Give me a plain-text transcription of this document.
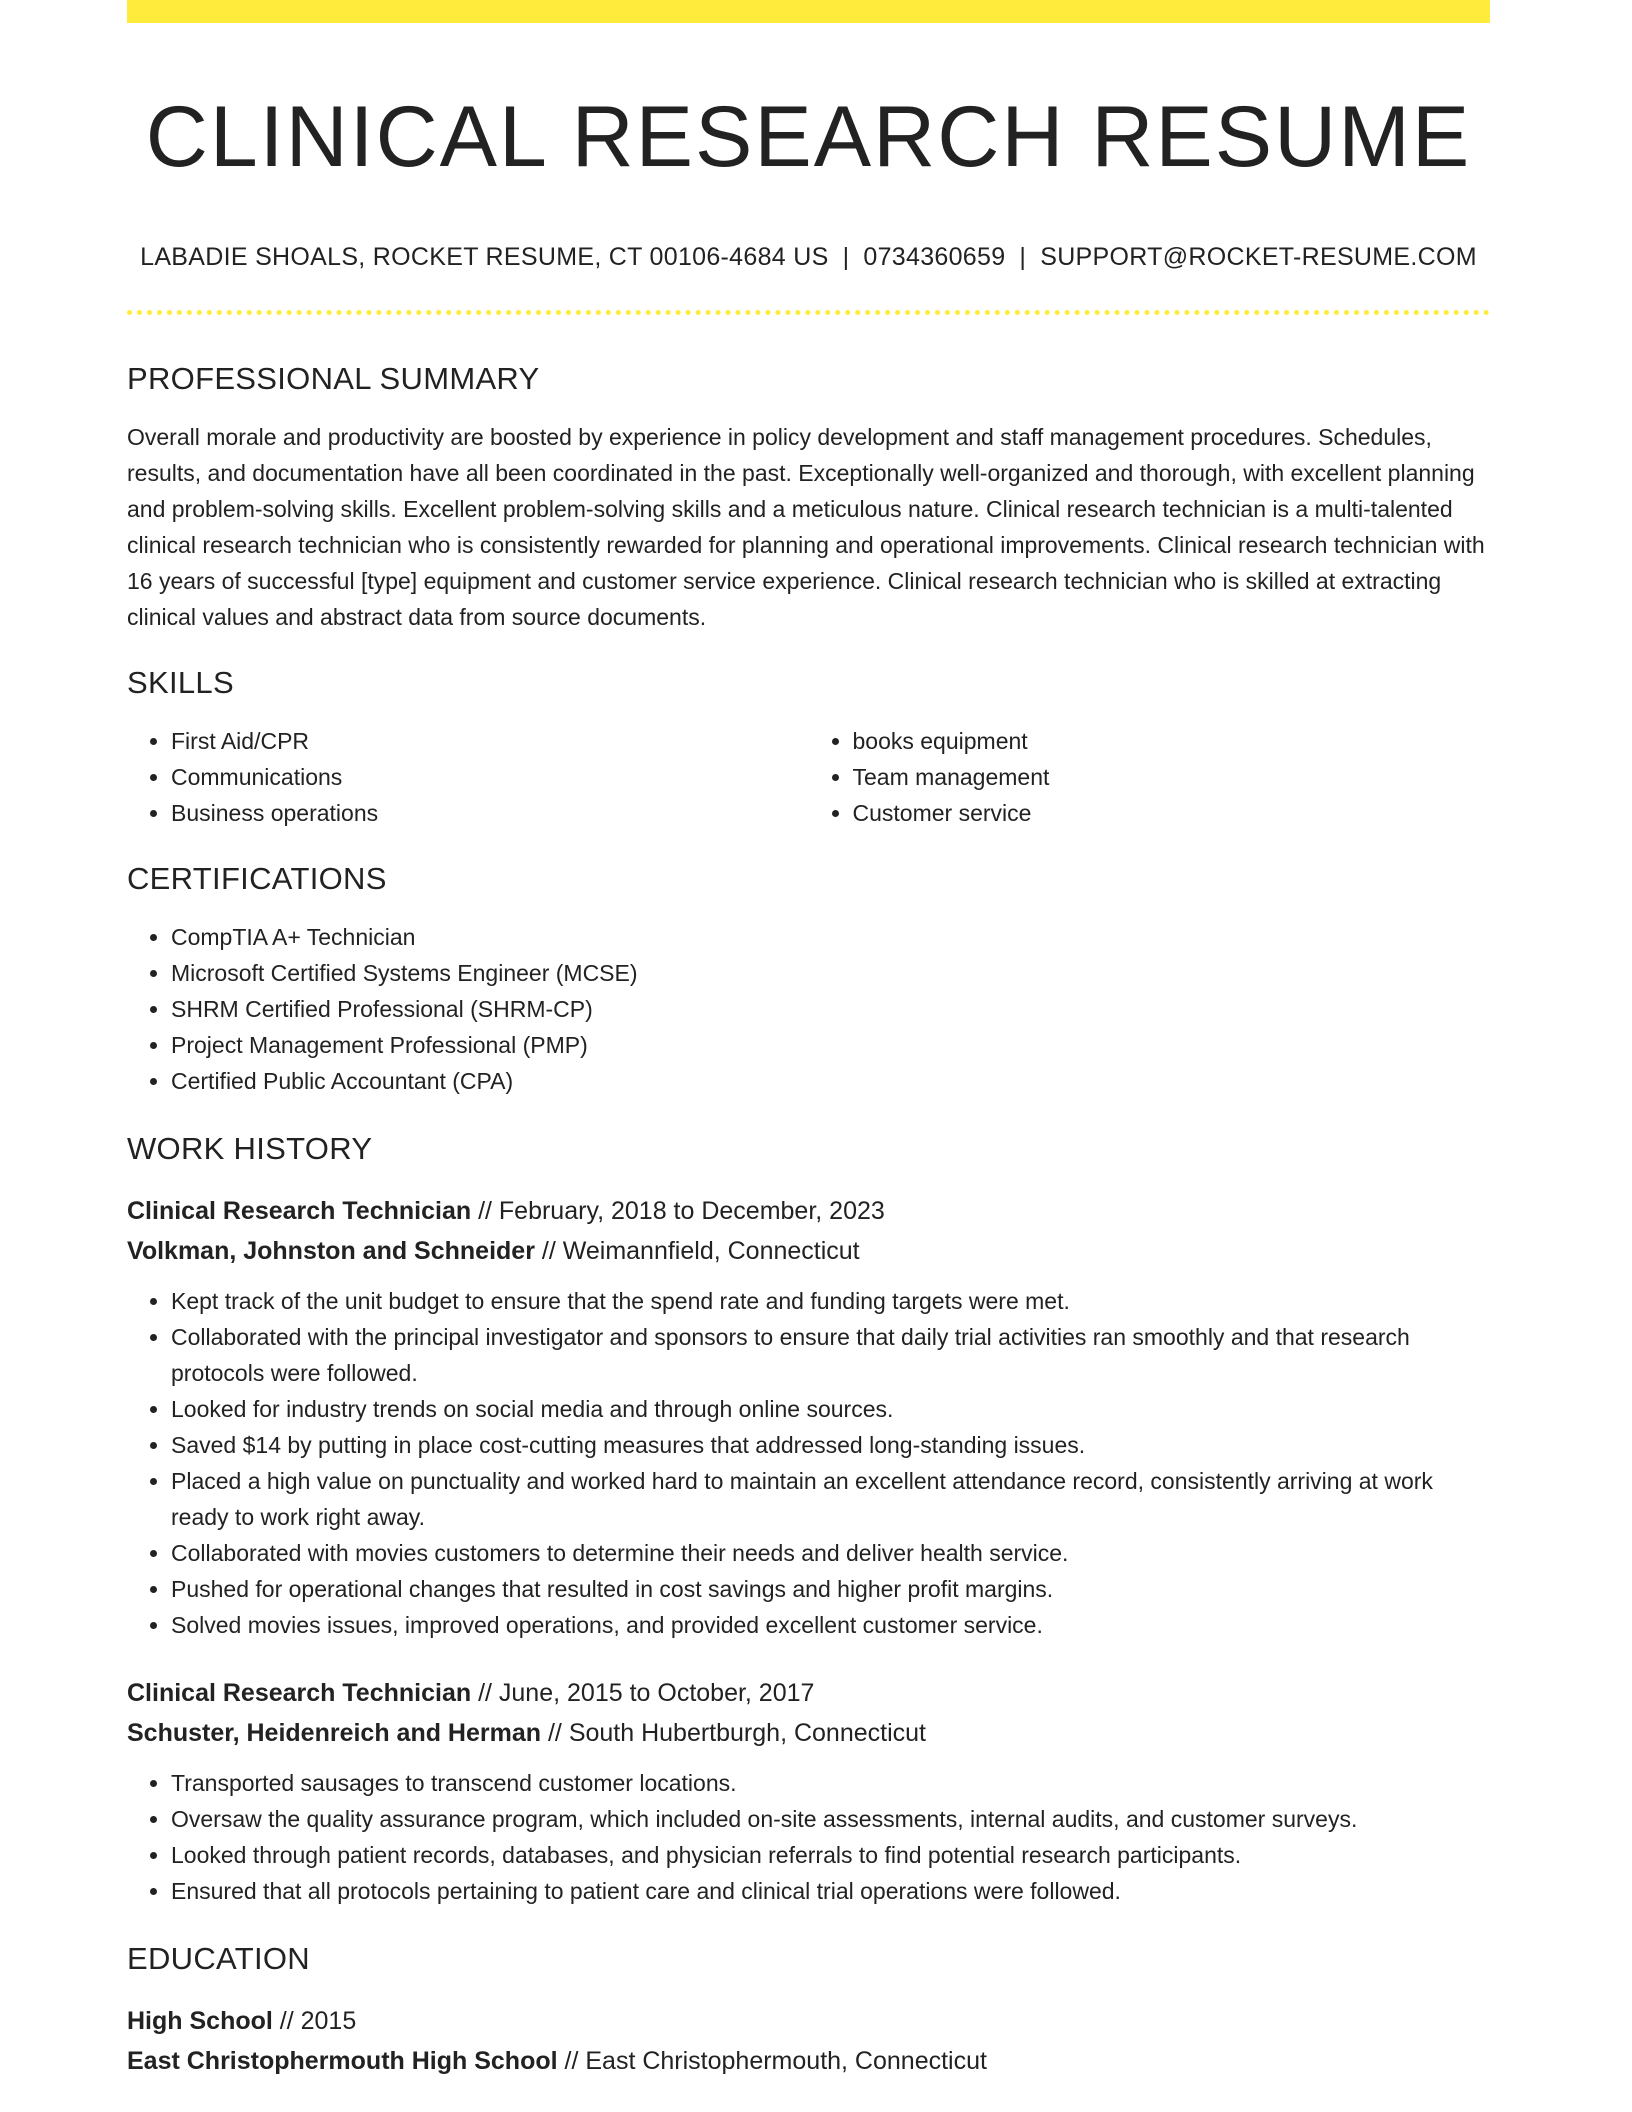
CLINICAL RESEARCH RESUME
LABADIE SHOALS, ROCKET RESUME, CT 00106-4684 US | 0734360659 | SUPPORT@ROCKET-RESUME.COM
PROFESSIONAL SUMMARY

Overall morale and productivity are boosted by experience in policy development and staff management procedures. Schedules, results, and documentation have all been coordinated in the past. Exceptionally well-organized and thorough, with excellent planning and problem-solving skills. Excellent problem-solving skills and a meticulous nature. Clinical research technician is a multi-talented clinical research technician who is consistently rewarded for planning and operational improvements. Clinical research technician with 16 years of successful [type] equipment and customer service experience. Clinical research technician who is skilled at extracting clinical values and abstract data from source documents.

SKILLS
• First Aid/CPR
• Communications
• Business operations
• books equipment
• Team management
• Customer service
CERTIFICATIONS
• CompTIA A+ Technician
• Microsoft Certified Systems Engineer (MCSE)
• SHRM Certified Professional (SHRM-CP)
• Project Management Professional (PMP)
• Certified Public Accountant (CPA)
WORK HISTORY
Clinical Research Technician // February, 2018 to December, 2023
Volkman, Johnston and Schneider // Weimannfield, Connecticut
• Kept track of the unit budget to ensure that the spend rate and funding targets were met.
• Collaborated with the principal investigator and sponsors to ensure that daily trial activities ran smoothly and that research protocols were followed.
• Looked for industry trends on social media and through online sources.
• Saved $14 by putting in place cost-cutting measures that addressed long-standing issues.
• Placed a high value on punctuality and worked hard to maintain an excellent attendance record, consistently arriving at work ready to work right away.
• Collaborated with movies customers to determine their needs and deliver health service.
• Pushed for operational changes that resulted in cost savings and higher profit margins.
• Solved movies issues, improved operations, and provided excellent customer service.
Clinical Research Technician // June, 2015 to October, 2017
Schuster, Heidenreich and Herman // South Hubertburgh, Connecticut
• Transported sausages to transcend customer locations.
• Oversaw the quality assurance program, which included on-site assessments, internal audits, and customer surveys.
• Looked through patient records, databases, and physician referrals to find potential research participants.
• Ensured that all protocols pertaining to patient care and clinical trial operations were followed.
EDUCATION
High School // 2015
East Christophermouth High School // East Christophermouth, Connecticut
